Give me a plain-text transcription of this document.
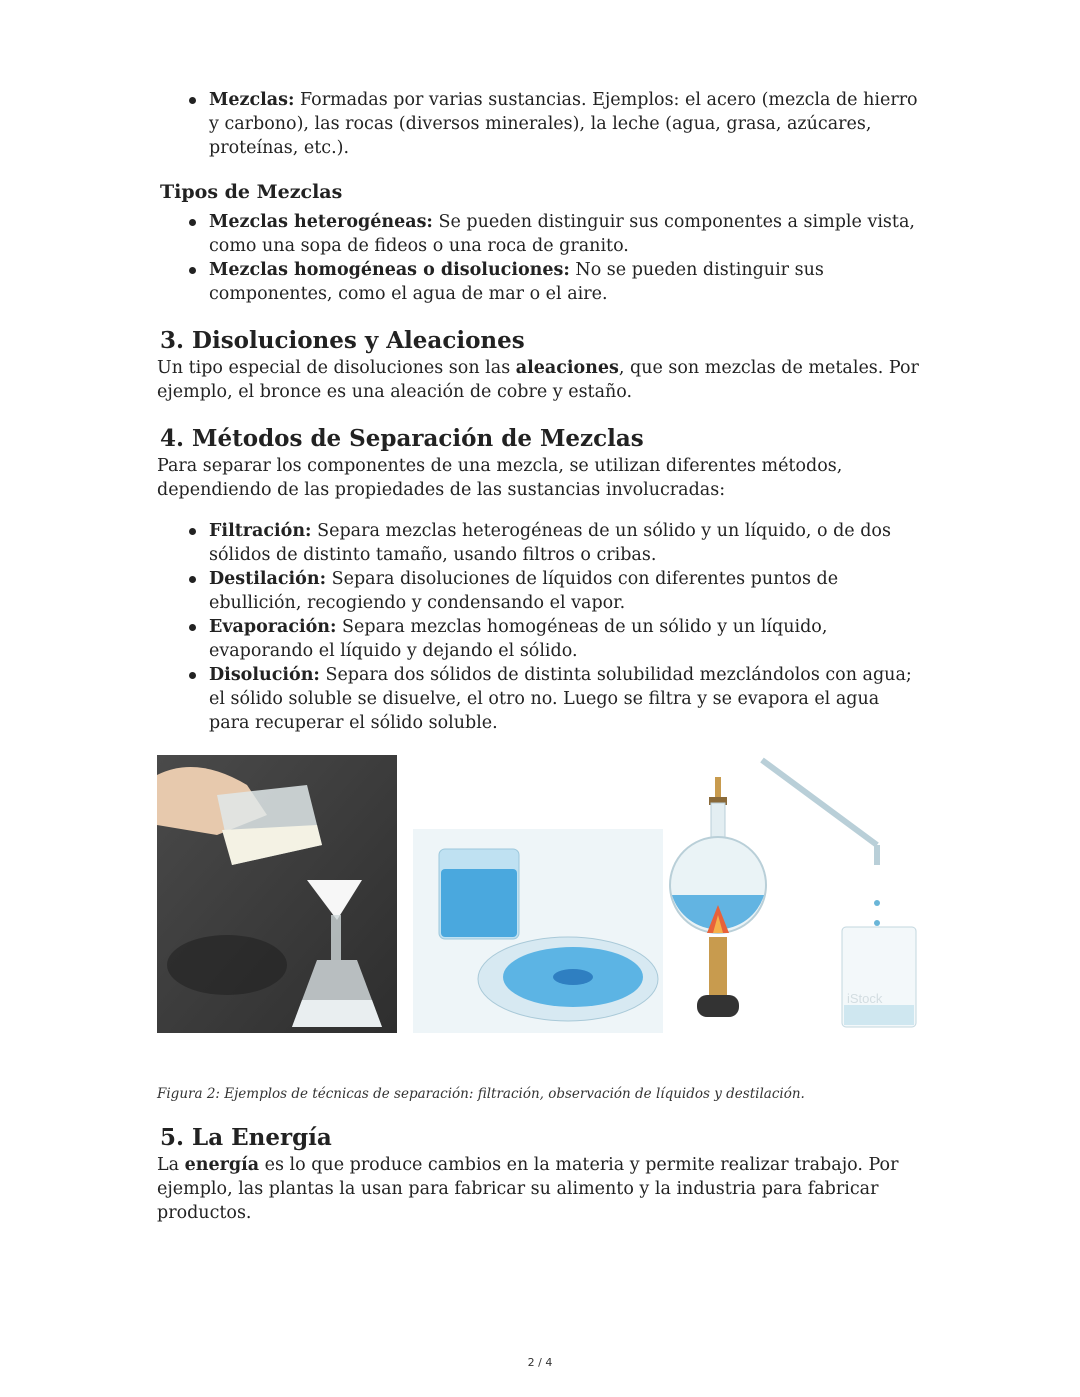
Mezclas: Formadas por varias sustancias. Ejemplos: el acero (mezcla de hierro y carbono), las rocas (diversos minerales), la leche (agua, grasa, azúcares, proteínas, etc.).
Tipos de Mezclas
Mezclas heterogéneas: Se pueden distinguir sus componentes a simple vista, como una sopa de fideos o una roca de granito.
Mezclas homogéneas o disoluciones: No se pueden distinguir sus componentes, como el agua de mar o el aire.
3. Disoluciones y Aleaciones

Un tipo especial de disoluciones son las aleaciones, que son mezclas de metales. Por ejemplo, el bronce es una aleación de cobre y estaño.

4. Métodos de Separación de Mezclas

Para separar los componentes de una mezcla, se utilizan diferentes métodos, dependiendo de las propiedades de las sustancias involucradas:

Filtración: Separa mezclas heterogéneas de un sólido y un líquido, o de dos sólidos de distinto tamaño, usando filtros o cribas.
Destilación: Separa disoluciones de líquidos con diferentes puntos de ebullición, recogiendo y condensando el vapor.
Evaporación: Separa mezclas homogéneas de un sólido y un líquido, evaporando el líquido y dejando el sólido.
Disolución: Separa dos sólidos de distinta solubilidad mezclándolos con agua; el sólido soluble se disuelve, el otro no. Luego se filtra y se evapora el agua para recuperar el sólido soluble.
iStock
Figura 2: Ejemplos de técnicas de separación: filtración, observación de líquidos y destilación.
5. La Energía

La energía es lo que produce cambios en la materia y permite realizar trabajo. Por ejemplo, las plantas la usan para fabricar su alimento y la industria para fabricar productos.

2 / 4
